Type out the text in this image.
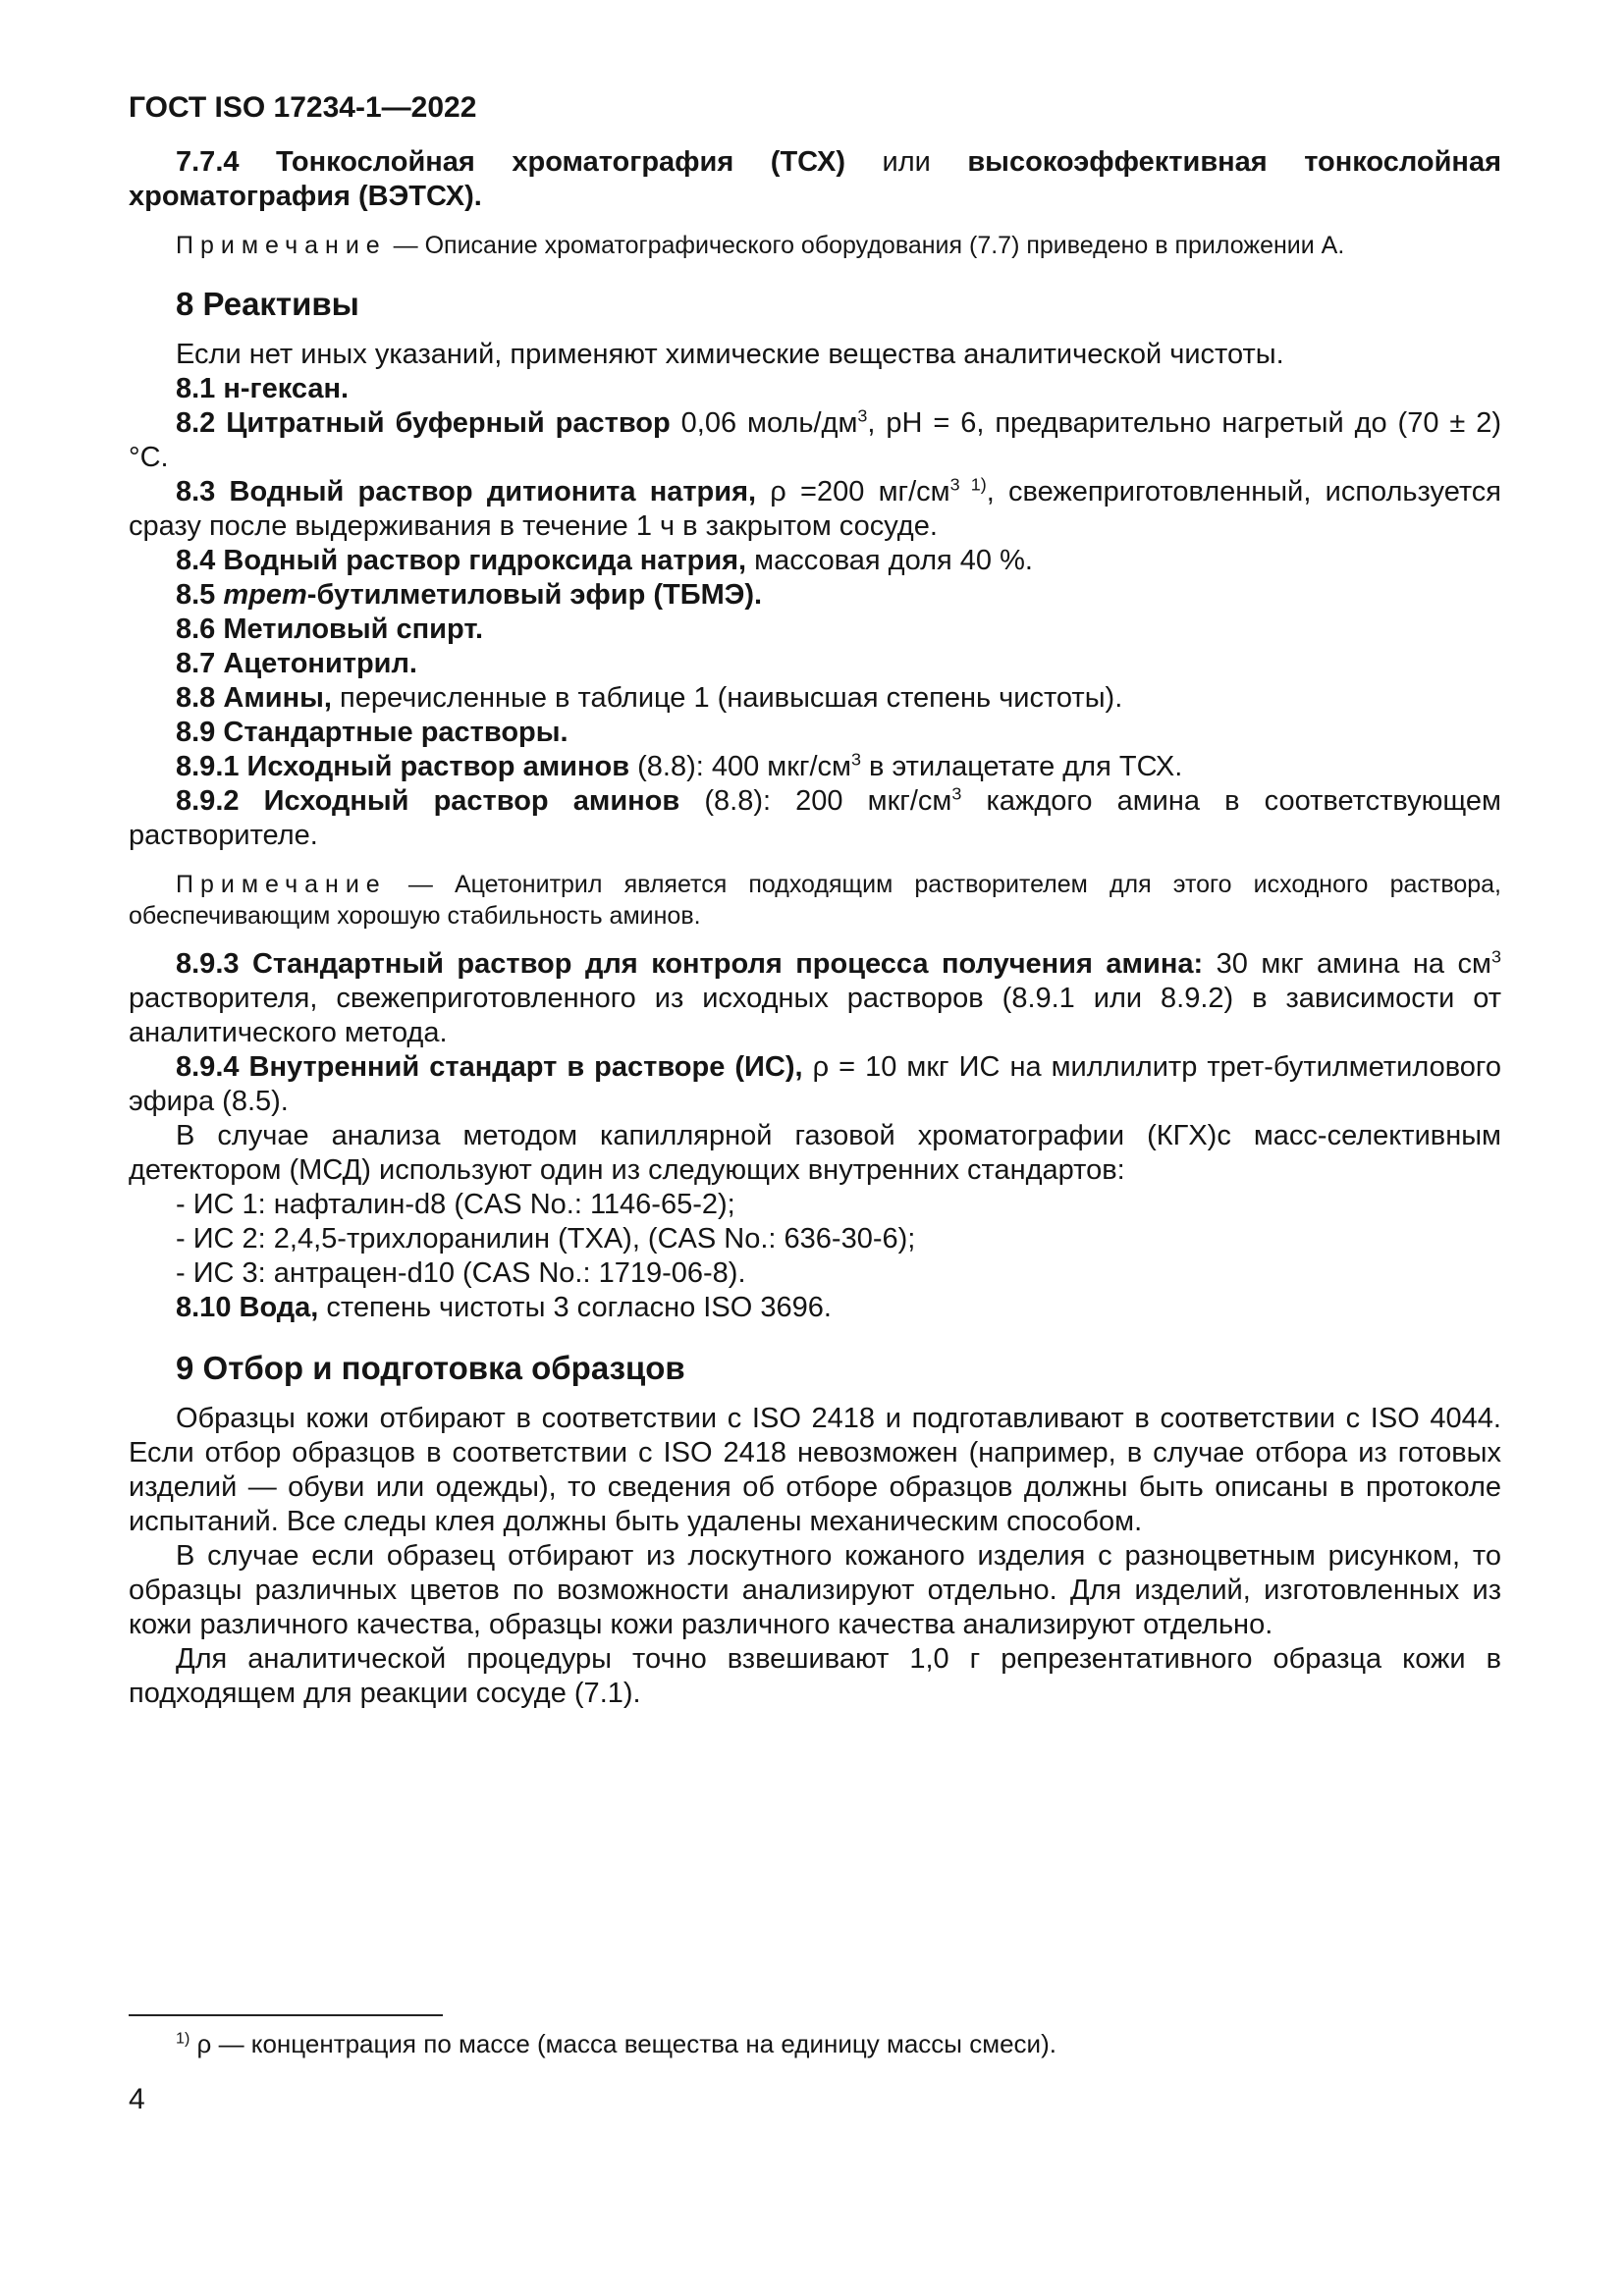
ГОСТ ISO 17234-1—2022

7.7.4 Тонкослойная хроматография (ТСХ) или высокоэффективная тонкослойная хроматография (ВЭТСХ).

Примечание — Описание хроматографического оборудования (7.7) приведено в приложении А.

8 Реактивы

Если нет иных указаний, применяют химические вещества аналитической чистоты.

8.1 н-гексан.

8.2 Цитратный буферный раствор 0,06 моль/$дм^3$, pH = 6, предварительно нагретый до (70 ± 2) °С.

8.3 Водный раствор дитионита натрия, ρ =200 $мг/см^{3 1)}$, свежеприготовленный, используется сразу после выдерживания в течение 1 ч в закрытом сосуде.

8.4 Водный раствор гидроксида натрия, массовая доля 40 %.

8.5 трет-бутилметиловый эфир (ТБМЭ).

8.6 Метиловый спирт.

8.7 Ацетонитрил.

8.8 Амины, перечисленные в таблице 1 (наивысшая степень чистоты).

8.9 Стандартные растворы.

8.9.1 Исходный раствор аминов (8.8): 400 мкг/$см^3$ в этилацетате для ТСХ.

8.9.2 Исходный раствор аминов (8.8): 200 мкг/$см^3$ каждого амина в соответствующем растворителе.

Примечание — Ацетонитрил является подходящим растворителем для этого исходного раствора, обеспечивающим хорошую стабильность аминов.

8.9.3 Стандартный раствор для контроля процесса получения амина: 30 мкг амина на $см^3$ растворителя, свежеприготовленного из исходных растворов (8.9.1 или 8.9.2) в зависимости от аналитического метода.

8.9.4 Внутренний стандарт в растворе (ИС), ρ = 10 мкг ИС на миллилитр трет-бутилметилового эфира (8.5).

В случае анализа методом капиллярной газовой хроматографии (КГХ)с масс-селективным детектором (МСД) используют один из следующих внутренних стандартов:

- ИС 1: нафталин-d8 (CAS No.: 1146-65-2);

- ИС 2: 2,4,5-трихлоранилин (ТХА), (CAS No.: 636-30-6);

- ИС 3: антрацен-d10 (CAS No.: 1719-06-8).

8.10 Вода, степень чистоты 3 согласно ISO 3696.

9 Отбор и подготовка образцов

Образцы кожи отбирают в соответствии с ISO 2418 и подготавливают в соответствии с ISO 4044. Если отбор образцов в соответствии с ISO 2418 невозможен (например, в случае отбора из готовых изделий — обуви или одежды), то сведения об отборе образцов должны быть описаны в протоколе испытаний. Все следы клея должны быть удалены механическим способом.

В случае если образец отбирают из лоскутного кожаного изделия с разноцветным рисунком, то образцы различных цветов по возможности анализируют отдельно. Для изделий, изготовленных из кожи различного качества, образцы кожи различного качества анализируют отдельно.

Для аналитической процедуры точно взвешивают 1,0 г репрезентативного образца кожи в подходящем для реакции сосуде (7.1).

$^{1)}$ ρ — концентрация по массе (масса вещества на единицу массы смеси).

4
